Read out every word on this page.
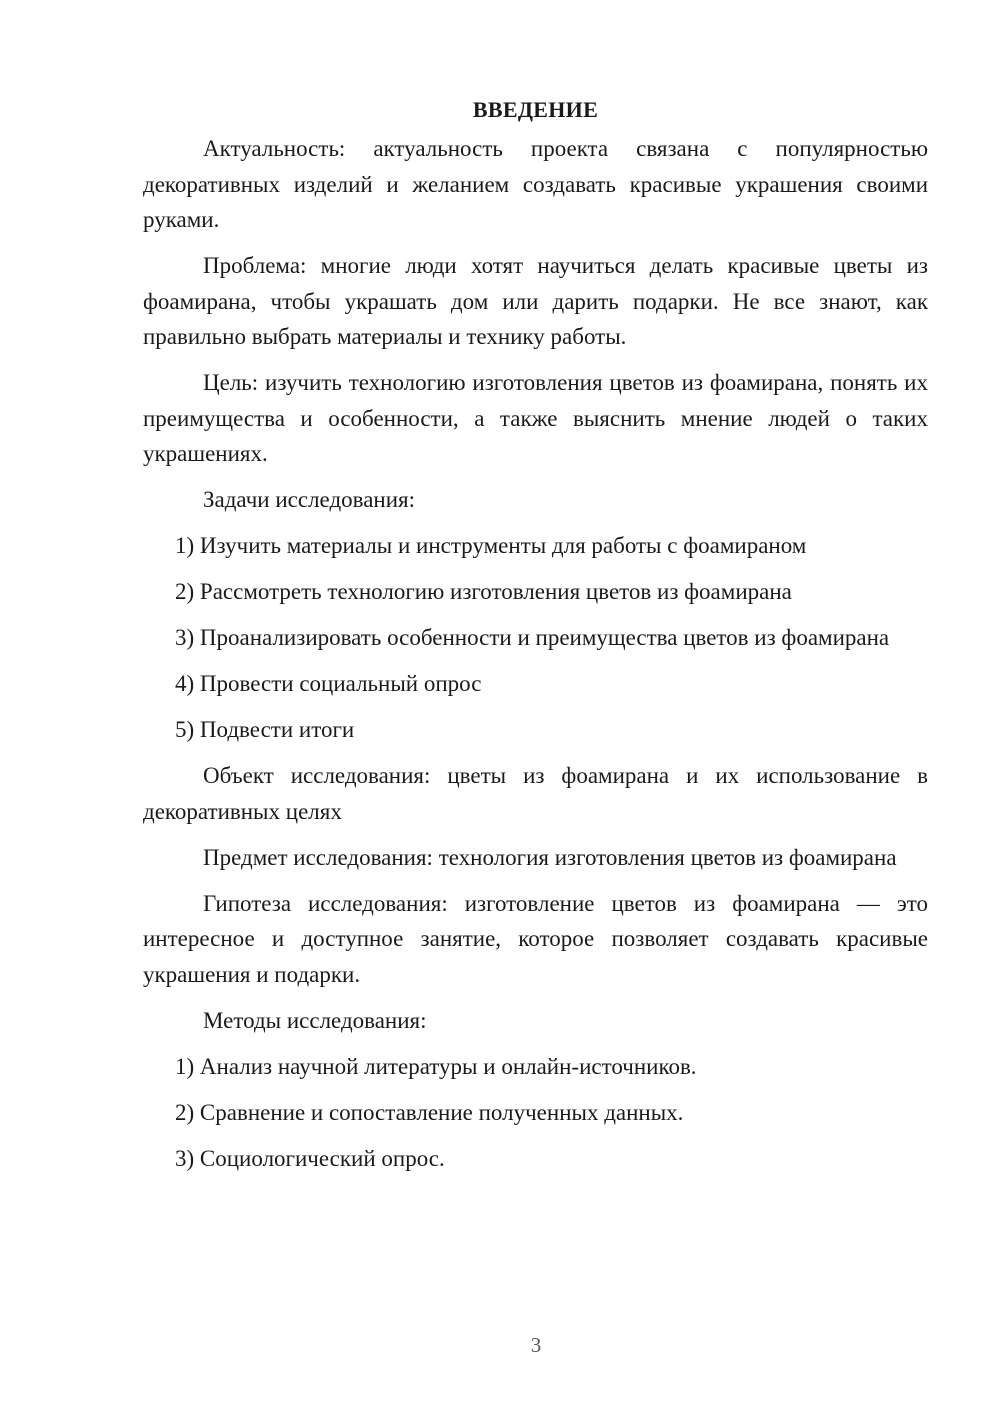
ВВЕДЕНИЕ

Актуальность: актуальность проекта связана с популярностью декоративных изделий и желанием создавать красивые украшения своими руками.

Проблема: многие люди хотят научиться делать красивые цветы из фоамирана, чтобы украшать дом или дарить подарки. Не все знают, как правильно выбрать материалы и технику работы.

Цель: изучить технологию изготовления цветов из фоамирана, понять их преимущества и особенности, а также выяснить мнение людей о таких украшениях.

Задачи исследования:

1) Изучить материалы и инструменты для работы с фоамираном

2) Рассмотреть технологию изготовления цветов из фоамирана

3) Проанализировать особенности и преимущества цветов из фоамирана

4) Провести социальный опрос

5) Подвести итоги

Объект исследования: цветы из фоамирана и их использование в декоративных целях

Предмет исследования: технология изготовления цветов из фоамирана

Гипотеза исследования: изготовление цветов из фоамирана — это интересное и доступное занятие, которое позволяет создавать красивые украшения и подарки.

Методы исследования:

1) Анализ научной литературы и онлайн-источников.

2) Сравнение и сопоставление полученных данных.

3) Социологический опрос.

3
